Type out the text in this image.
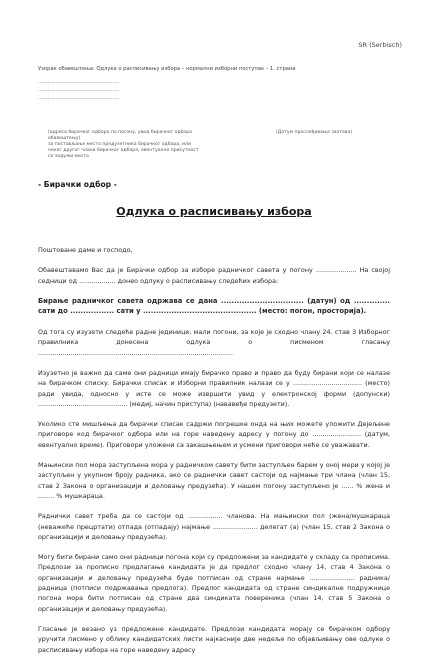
SR (Serbisch)
Узорак обавештења: Одлука о расписивању избора – нормални изборни поступак – 1. страна
...................................................
...................................................
...................................................
(адреса бирачког одбора по погону, увид бирачког одбора
обавештењу)
за постављање место предузетника бирачког одбора, или
неког другог члана бирачког одбора, евентуално присутност
се задужи место
(Датум прослеђивања захтева)

- Бирачки одбор -

Одлука о расписивању избора

Поштоване даме и господо,

Обавештавамо Вас да је Бирачки одбор за изборе радничког савета у погону .................... На својој седници од .................. донео одлуку о расписивању следећих избора:

Бирање радничког савета одржава се дана ................................ (датун) од .............. сати до ................. сати у ............................................ (место: погон, просторија).

Од тога су изузети следеће радне јединице, мали погони, за које је сходно члану 24. став 3 Изборног правилника донесена одлука о писменом гласању ................................................................................................

Изузетно је важно да саме они радници имају бирачко право и право да буду бирани који се налазе на бирачком списку. Бирачки списак и Изборни правилник налази се у .................................. (место) ради увида, односно у исте се може извршити увид у електронској форми (допунски) ............................................ (медиј, начин приступа) (нававеђе предузети).

Уколико сте мишљења да бирачки списак садржи погрешке онда на њих можете уложити Дејељене приговоре код бирачког одбора или на горе наведену адресу у погону до ........................ (датум, евентуално време). Приговори уложени са закашњењем и усмени приговори неће се уважавати.

Мањински пол мора заступљена мора у радничком савету бити заступљен барем у оној мери у којој је заступљен у укупном броју радника, ако се раднички савет састоји од најмање три члана (члан 15, став 2 Закона о организацији и деловању предузећа). У нашем погону заступљено је ...... % жена и ........ % мушкараца.

Раднички савет треба да се састоји од ................. чланова. На мањински пол (жена/мушкараца (невaжеће прецртати) отпада (отпадају) најмање ...................... делегат (а) (члан 15, став 2 Закона о организацији и деловању предузећа).

Могу бити бирани само они радници погона који су предложени за кандидате у складу са прописима. Предлози за прописно предлагање кандидата је да предлог сходно члану 14, став 4 Закона о организацији и деловању предузећа буде потписан од стране најмање ...................... радника/ радница (потписи подржавања предлога). Предлог кандидата од стране синдикалне подружнице погона мора бити потписан од стране два синдиката повереника (члан 14, став 5 Закона о организацији и деловању предузећа).

Гласање је везано уз предложене кандидате. Предлози кандидата морају се бирачком одбору уручити писмено у облику кандидатских листи најкасније две недеље по објављивању ове одлуке о расписивању избора на горе наведену адресу
